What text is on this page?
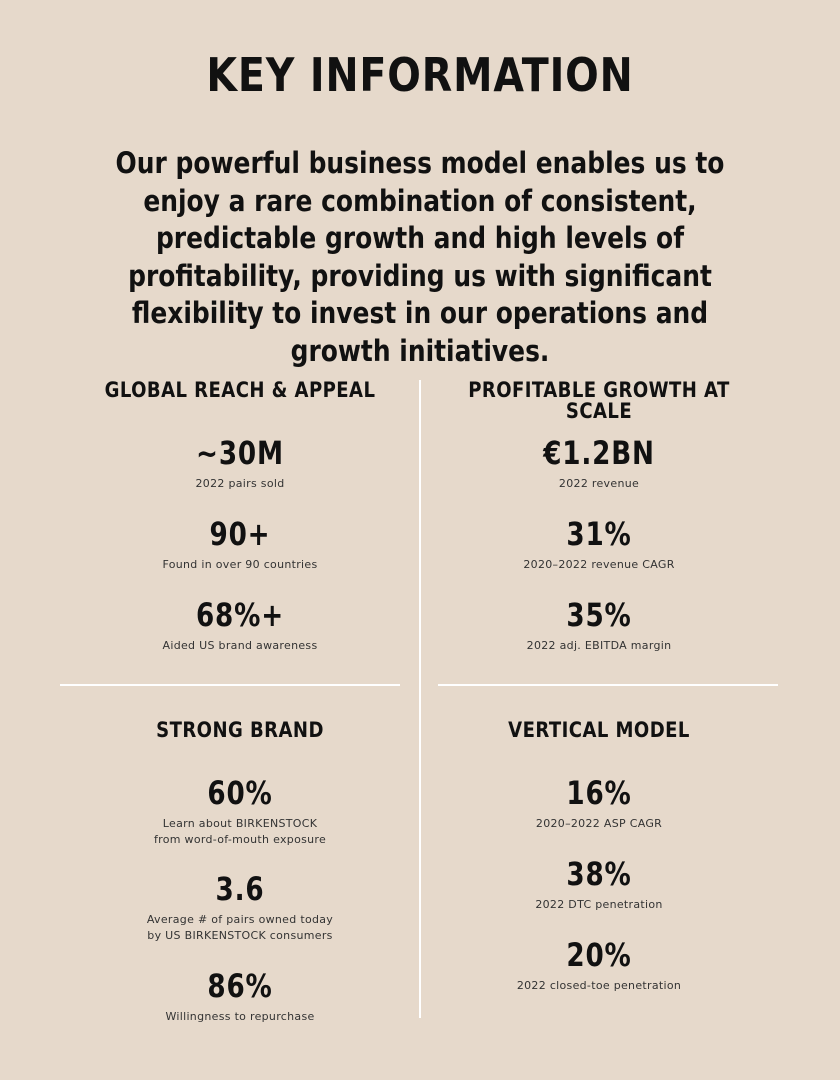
KEY INFORMATION
Our powerful business model enables us to enjoy a rare combination of consistent, predictable growth and high levels of profitability, providing us with significant flexibility to invest in our operations and growth initiatives.
GLOBAL REACH & APPEAL
~30M
2022 pairs sold
90+
Found in over 90 countries
68%+
Aided US brand awareness
PROFITABLE GROWTH AT SCALE
€1.2BN
2022 revenue
31%
2020–2022 revenue CAGR
35%
2022 adj. EBITDA margin
STRONG BRAND
60%
Learn about BIRKENSTOCK
from word-of-mouth exposure
3.6
Average # of pairs owned today
by US BIRKENSTOCK consumers
86%
Willingness to repurchase
VERTICAL MODEL
16%
2020–2022 ASP CAGR
38%
2022 DTC penetration
20%
2022 closed-toe penetration
